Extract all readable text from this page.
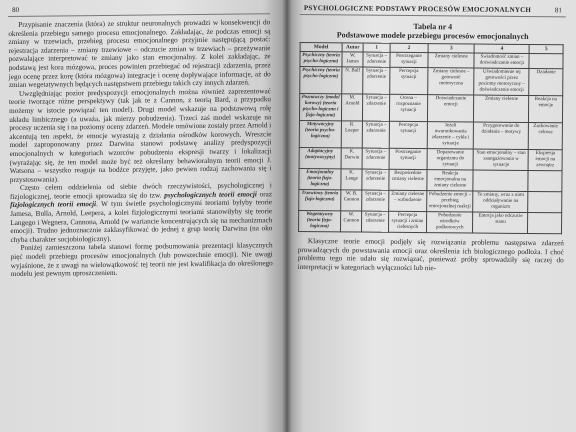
80

Przypisanie znaczenia (która) ze struktur neuronalnych prowadzi w konsekwencji do określenia przebiegu samego procesu emocjonalnego. Zakładając, że podczas emocji są zmiany w trzewiach, przebieg procesu emocjonalnego przyjmie następującą postać: rejestracja zdarzenia – zmiany trzewiowe – odczucie zmian w trzewiach – przeżywanie pozwalające interpretować te zmiany jako stan emocjonalny. Z kolei zakładając, że podstawą jest kora mózgowa, proces powinien przebiegać od rejestracji zdarzenia, przez jego ocenę przez korę (która mózgowa) integracje i ocenę dopływające informacje, aż do zmian wegetatywnych będących następstwem przebiegu takich czy innych zdarzeń.

Uwzględniając pozior predyspozycji emocjonalnych można również zaprezentować teorie tworzące różne perspektywy (tak jak te z Cannon, z teorią Bard, a przypadku możemy w istocie powiązać ten model). Drugi model wskazuje na podstawową rolę układu limbicznego (a uważa, jak mierzy pobudzenia). Trzeci zaś model wskazuje na procesy uczenia się i na poziomy oceny zdarzeń. Modele omówione zostały przez Arnold i akcentują ten aspekt, że emocje wyrastają z działania ośrodków korowych. Wreszcie model zaproponowany przez Darwina stanowi podstawę analizy predyspozycji emocjonalnych w kategoriach wzorców pobudzenia ekspresji twarzy i lokalizacji (wyrażając się, że ten model może być też określany behawioralnym teorii emocji J. Watsona – wszystko reaguje na bodźce przyjęte, jako pewien rodzaj zachowania się i przystosowania).

Często celem oddzielenia od siebie dwóch rzeczywistości, psychologicznej i fizjologicznej, teorie emocji sprowadza się do tzw. psychologicznych teorii emocji oraz fizjologicznych teorii emocji. W tym świetle psychologicznymi teoriami byłyby teorie Jamesa, Bulla, Arnold, Leepera, a kolei fizjologicznymi teoriami stanowiłyby się teorie Langego i Wegnera, Cannona, Arnold (w wariancie koncentrujących się na mechanizmach emocji). Trudno jednoznacznie zaklasyfikować do jednej z grup teorię Darwina (na oko chyba charakter socjobiologiczny).

Poniżej zamieszczona tabela stanowi formę podsumowania prezentacji klasycznych pięć modeli przebiegu procesów emocjonalnych (lub powszechnie emocji). Nie uwagi wyjaśnione, że z uwagi na wielowątkowość tej teorii nie jest kwalifikacja do określonego modelu jest pewnym uproszczeniem.

PSYCHOLOGICZNE PODSTAWY PROCESÓW EMOCJONALNYCH	81
Tabela nr 4
Podstawowe modele przebiegu procesów emocjonalnych
Model	Autor	1	2	3	4	5
Psychiczny (teoria psycho-logiczna)	W. James	Sytuacja – zdarzenie	Postrzeganie sytuacji	Zmiany cielesne	Świadomość zmian – doświadczanie emocji	
Psychiczny (teoria psycho-logiczna)	N. Bull	Sytuacja – zdarzenie	Percepcja sytuacji	Zmiany cielesne – gotowość motoryczna	Uświadomienie tej gotowości przez poziomy motoryczny – doświadczenie emocji	Działanie
Poznawczy (model korowy) (teoria psycho-logiczna i fizjo-logiczna)	M. Arnold	Sytuacja – zdarzenie	Ocena – rozpoznanie sytuacji	Doświadczanie emocji	Zmiany cielesne	Reakcja na emocje
Motywacyjny (teoria psycho-logiczna)	R. Leeper	Sytuacja – zdarzenie	Percepcja sytuacji	Jeżeli uwarunkowania zdarzenie – cykle i sytuacje	Przygotowanie do działania – motywy	Zachowanie celowe
Adaptacyjny (motywacyjny)	K. Darwin	Sytuacja – zdarzenie	Postrzeganie sytuacji	Dopasowanie organizmu do sytuacji	Stan emocjonalny – stan zaangażowania w sytuacje	Ekspresja emocji na zewnątrz
Emocjonalny (teoria fizjo-logiczna)	K. Lange	Sytuacja – zdarzenie	Bezpośrednie zmiany cielesne	Reakcja emocjonalna na zmiany cielesne		
Trzewiowy (teoria fizjo-logiczna)	W. B. Cannon	Sytuacja – zdarzenie	Zmiany cielesne – wzbudzenie	Pobudzenie emocji – przebieg emocjonalnej reakcji	Te zmiany, wraz z nimi oddziaływanie na organizm	
Wegetatywny (teoria fizjo-logiczna)	W. Cannon	Sytuacja – zdarzenie	Percepcja sytuacji i zmian cielesnych	Pobudzenie ośrodków podkorowych	Emocja jako odczucie stanu	

Klasyczne teorie emocji podjęły się rozwiązania problemu następstwa zdarzeń prowadzących do powstawania emocji oraz określenia ich biologicznego podłoża. I choć problemu tego nie udało się rozwiązać, ponieważ próby sprowadziły się raczej do interpretacji w kategoriach wyłączności lub nie-
